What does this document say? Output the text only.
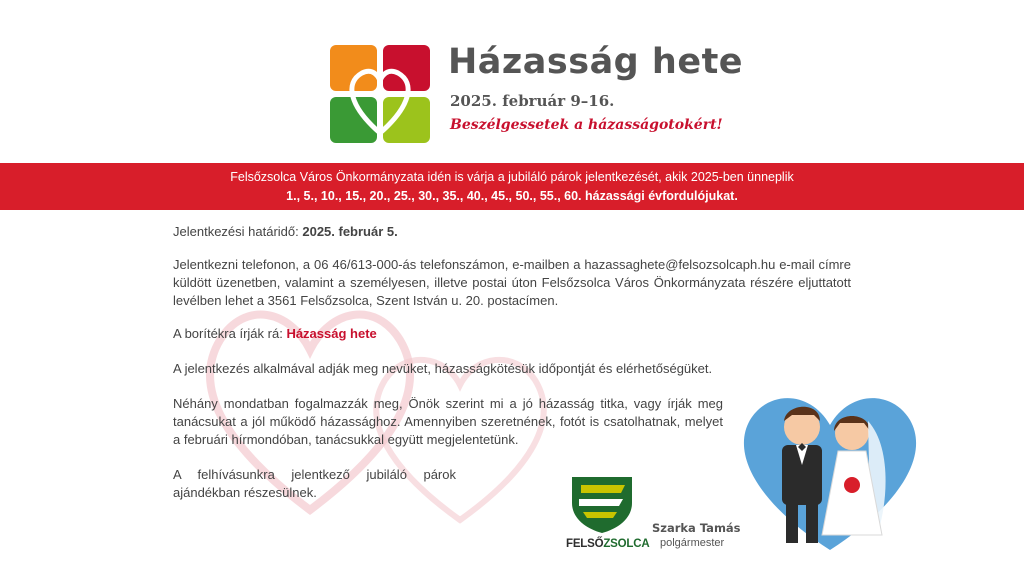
Házasság hete
2025. február 9–16.
Beszélgessetek a házasságotokért!
Felsőzsolca Város Önkormányzata idén is várja a jubiláló párok jelentkezését, akik 2025-ben ünneplik
1., 5., 10., 15., 20., 25., 30., 35., 40., 45., 50., 55., 60. házassági évfordulójukat.

Jelentkezési határidő: 2025. február 5.

Jelentkezni telefonon, a 06 46/613-000-ás telefonszámon, e-mailben a hazassaghete@felsozsolcaph.hu e-mail címre küldött üzenetben, valamint a személyesen, illetve postai úton Felsőzsolca Város Önkormányzata részére eljuttatott levélben lehet a 3561 Felsőzsolca, Szent István u. 20. postacímen.

A borítékra írják rá: Házasság hete

A jelentkezés alkalmával adják meg nevüket, házasságkötésük időpontját és elérhetőségüket.

Néhány mondatban fogalmazzák meg, Önök szerint mi a jó házasság titka, vagy írják meg tanácsukat a jól működő házassághoz. Amennyiben szeretnének, fotót is csatolhatnak, melyet a februári hírmondóban, tanácsukkal együtt megjelentetünk.

A felhívásunkra jelentkező jubiláló párok ajándékban részesülnek.

FELSŐZSOLCA
Szarka Tamás
polgármester
